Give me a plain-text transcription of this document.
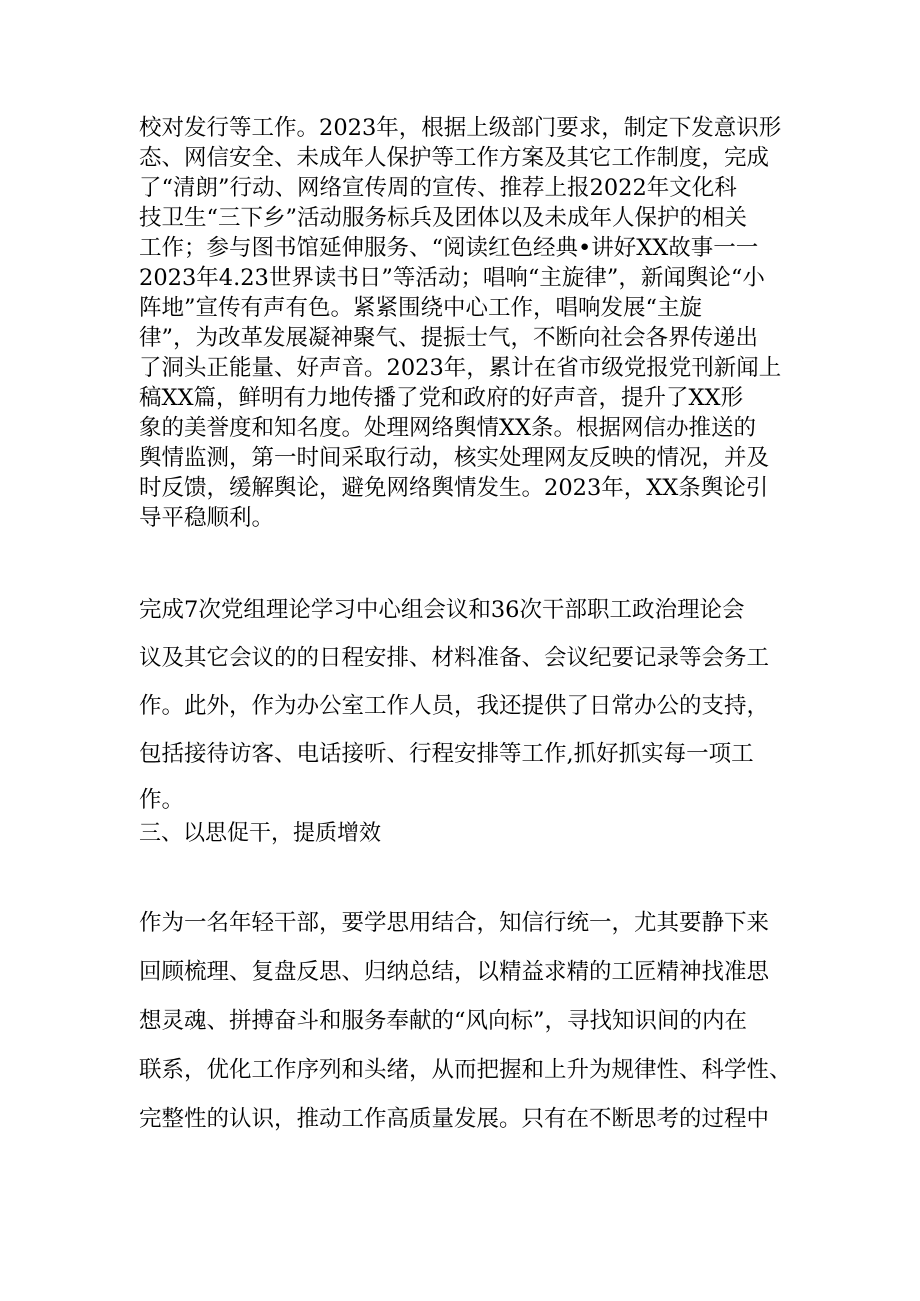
校对发行等工作。2023年，根据上级部门要求，制定下发意识形
态、网信安全、未成年人保护等工作方案及其它工作制度，完成
了“清朗”行动、网络宣传周的宣传、推荐上报2022年文化科
技卫生“三下乡”活动服务标兵及团体以及未成年人保护的相关
工作；参与图书馆延伸服务、“阅读红色经典•讲好XX故事一一
2023年4.23世界读书日”等活动；唱响“主旋律”，新闻舆论“小
阵地”宣传有声有色。紧紧围绕中心工作，唱响发展“主旋
律”，为改革发展凝神聚气、提振士气，不断向社会各界传递出
了洞头正能量、好声音。2023年，累计在省市级党报党刊新闻上
稿XX篇，鲜明有力地传播了党和政府的好声音，提升了XX形
象的美誉度和知名度。处理网络舆情XX条。根据网信办推送的
舆情监测，第一时间采取行动，核实处理网友反映的情况，并及
时反馈，缓解舆论，避免网络舆情发生。2023年，XX条舆论引
导平稳顺利。
完成7次党组理论学习中心组会议和36次干部职工政治理论会
议及其它会议的的日程安排、材料准备、会议纪要记录等会务工
作。此外，作为办公室工作人员，我还提供了日常办公的支持，
包括接待访客、电话接听、行程安排等工作,抓好抓实每一项工
作。
三、以思促干，提质增效
作为一名年轻干部，要学思用结合，知信行统一，尤其要静下来
回顾梳理、复盘反思、归纳总结，以精益求精的工匠精神找准思
想灵魂、拼搏奋斗和服务奉献的“风向标”，寻找知识间的内在
联系，优化工作序列和头绪，从而把握和上升为规律性、科学性、
完整性的认识，推动工作高质量发展。只有在不断思考的过程中
